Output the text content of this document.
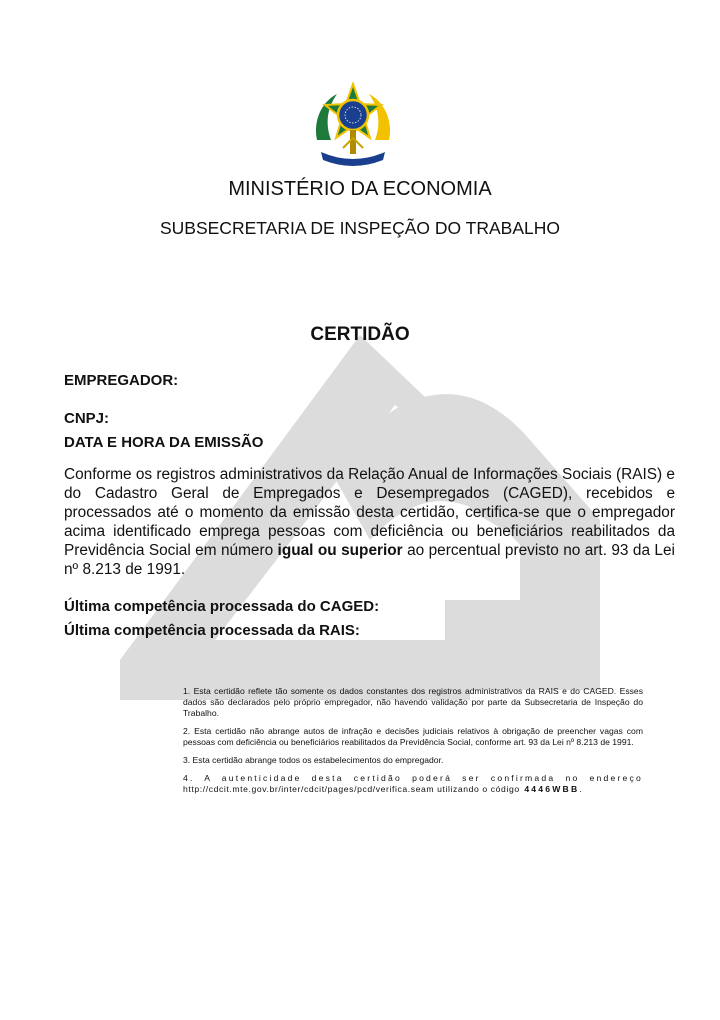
MINISTÉRIO DA ECONOMIA
SUBSECRETARIA DE INSPEÇÃO DO TRABALHO
CERTIDÃO
EMPREGADOR:
CNPJ:
DATA E HORA DA EMISSÃO
Conforme os registros administrativos da Relação Anual de Informações Sociais (RAIS) e do Cadastro Geral de Empregados e Desempregados (CAGED), recebidos e processados até o momento da emissão desta certidão, certifica-se que o empregador acima identificado emprega pessoas com deficiência ou beneficiários reabilitados da Previdência Social em número igual ou superior ao percentual previsto no art. 93 da Lei nº 8.213 de 1991.
Última competência processada do CAGED:
Última competência processada da RAIS:

1. Esta certidão reflete tão somente os dados constantes dos registros administrativos da RAIS e do CAGED. Esses dados são declarados pelo próprio empregador, não havendo validação por parte da Subsecretaria de Inspeção do Trabalho.

2. Esta certidão não abrange autos de infração e decisões judiciais relativos à obrigação de preencher vagas com pessoas com deficiência ou beneficiários reabilitados da Previdência Social, conforme art. 93 da Lei nº 8.213 de 1991.

3. Esta certidão abrange todos os estabelecimentos do empregador.

4. A autenticidade desta certidão poderá ser confirmada no endereço http://cdcit.mte.gov.br/inter/cdcit/pages/pcd/verifica.seam utilizando o código 4446WBB.
